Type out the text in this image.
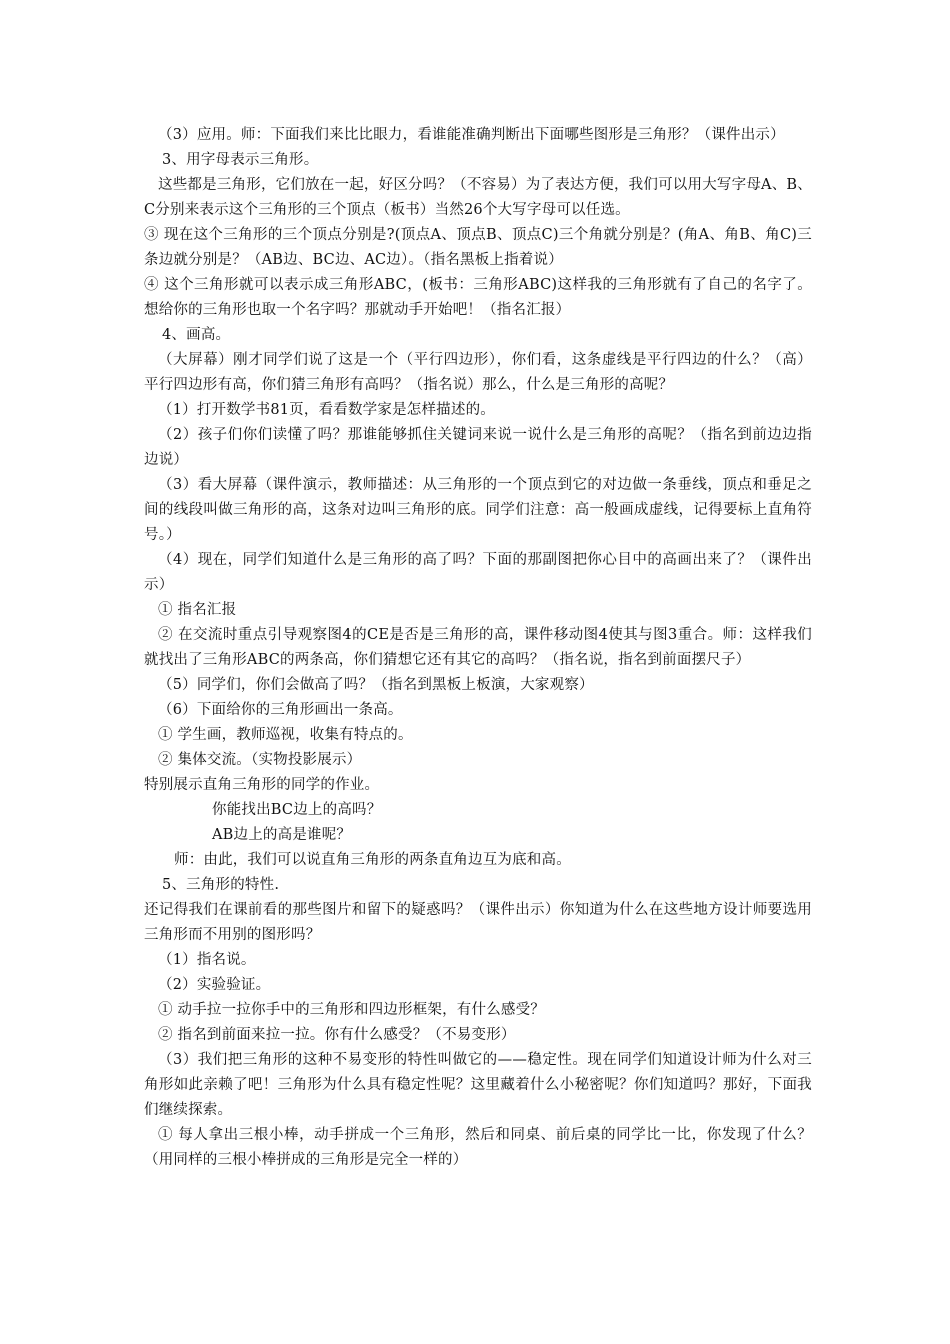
（3）应用。师：下面我们来比比眼力，看谁能准确判断出下面哪些图形是三角形？（课件出示）

3、用字母表示三角形。

这些都是三角形，它们放在一起，好区分吗？（不容易）为了表达方便，我们可以用大写字母A、B、C分别来表示这个三角形的三个顶点（板书）当然26个大写字母可以任选。

③ 现在这个三角形的三个顶点分别是?(顶点A、顶点B、顶点C)三个角就分别是？(角A、角B、角C)三条边就分别是？（AB边、BC边、AC边）。（指名黑板上指着说）

④ 这个三角形就可以表示成三角形ABC，(板书：三角形ABC)这样我的三角形就有了自己的名字了。想给你的三角形也取一个名字吗？那就动手开始吧！（指名汇报）

4、画高。

（大屏幕）刚才同学们说了这是一个（平行四边形），你们看，这条虚线是平行四边的什么？（高）平行四边形有高，你们猜三角形有高吗？（指名说）那么，什么是三角形的高呢？

（1）打开数学书81页，看看数学家是怎样描述的。

（2）孩子们你们读懂了吗？那谁能够抓住关键词来说一说什么是三角形的高呢？（指名到前边边指边说）

（3）看大屏幕（课件演示，教师描述：从三角形的一个顶点到它的对边做一条垂线，顶点和垂足之间的线段叫做三角形的高，这条对边叫三角形的底。同学们注意：高一般画成虚线，记得要标上直角符号。）

（4）现在，同学们知道什么是三角形的高了吗？下面的那副图把你心目中的高画出来了？（课件出示）

① 指名汇报

② 在交流时重点引导观察图4的CE是否是三角形的高，课件移动图4使其与图3重合。师：这样我们就找出了三角形ABC的两条高，你们猜想它还有其它的高吗？（指名说，指名到前面摆尺子）

（5）同学们，你们会做高了吗？（指名到黑板上板演，大家观察）

（6）下面给你的三角形画出一条高。

① 学生画，教师巡视，收集有特点的。

② 集体交流。（实物投影展示）

特别展示直角三角形的同学的作业。

你能找出BC边上的高吗？

AB边上的高是谁呢？

师：由此，我们可以说直角三角形的两条直角边互为底和高。

5、三角形的特性.

还记得我们在课前看的那些图片和留下的疑惑吗？（课件出示）你知道为什么在这些地方设计师要选用三角形而不用别的图形吗？

（1）指名说。

（2）实验验证。

① 动手拉一拉你手中的三角形和四边形框架，有什么感受？

② 指名到前面来拉一拉。你有什么感受？（不易变形）

（3）我们把三角形的这种不易变形的特性叫做它的——稳定性。现在同学们知道设计师为什么对三角形如此亲赖了吧！三角形为什么具有稳定性呢？这里藏着什么小秘密呢？你们知道吗？那好，下面我们继续探索。

① 每人拿出三根小棒，动手拼成一个三角形，然后和同桌、前后桌的同学比一比，你发现了什么？（用同样的三根小棒拼成的三角形是完全一样的）
